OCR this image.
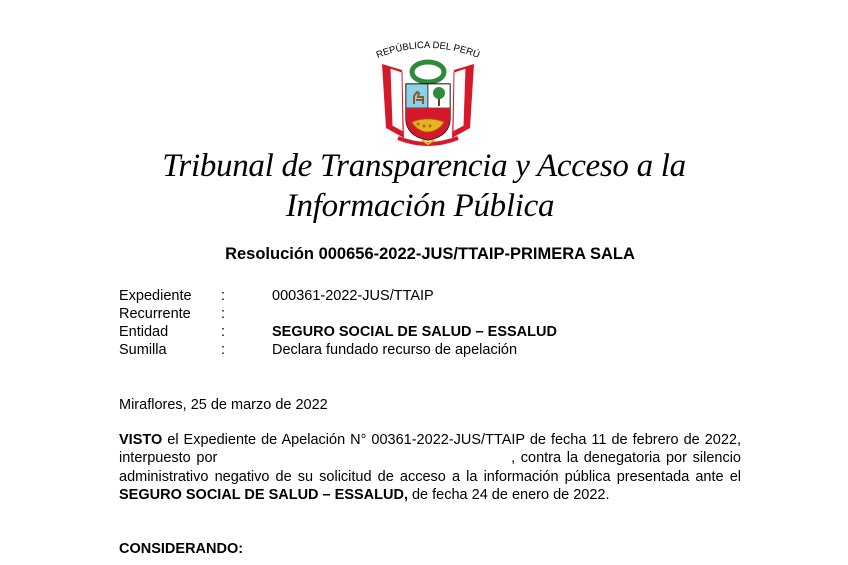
REPÚBLICA DEL PERÚ
Tribunal de Transparencia y Acceso a la
Información Pública
Resolución 000656-2022-JUS/TTAIP-PRIMERA SALA
Expediente :	000361-2022-JUS/TTAIP
Recurrente :
Entidad	:	SEGURO SOCIAL DE SALUD – ESSALUD
Sumilla	:	Declara fundado recurso de apelación
Miraflores, 25 de marzo de 2022
VISTO el Expediente de Apelación N° 00361-2022-JUS/TTAIP de fecha 11 de febrero de 2022, interpuesto por	, contra la denegatoria por silencio administrativo negativo de su solicitud de acceso a la información pública presentada ante el SEGURO SOCIAL DE SALUD – ESSALUD, de fecha 24 de enero de 2022.
CONSIDERANDO:
